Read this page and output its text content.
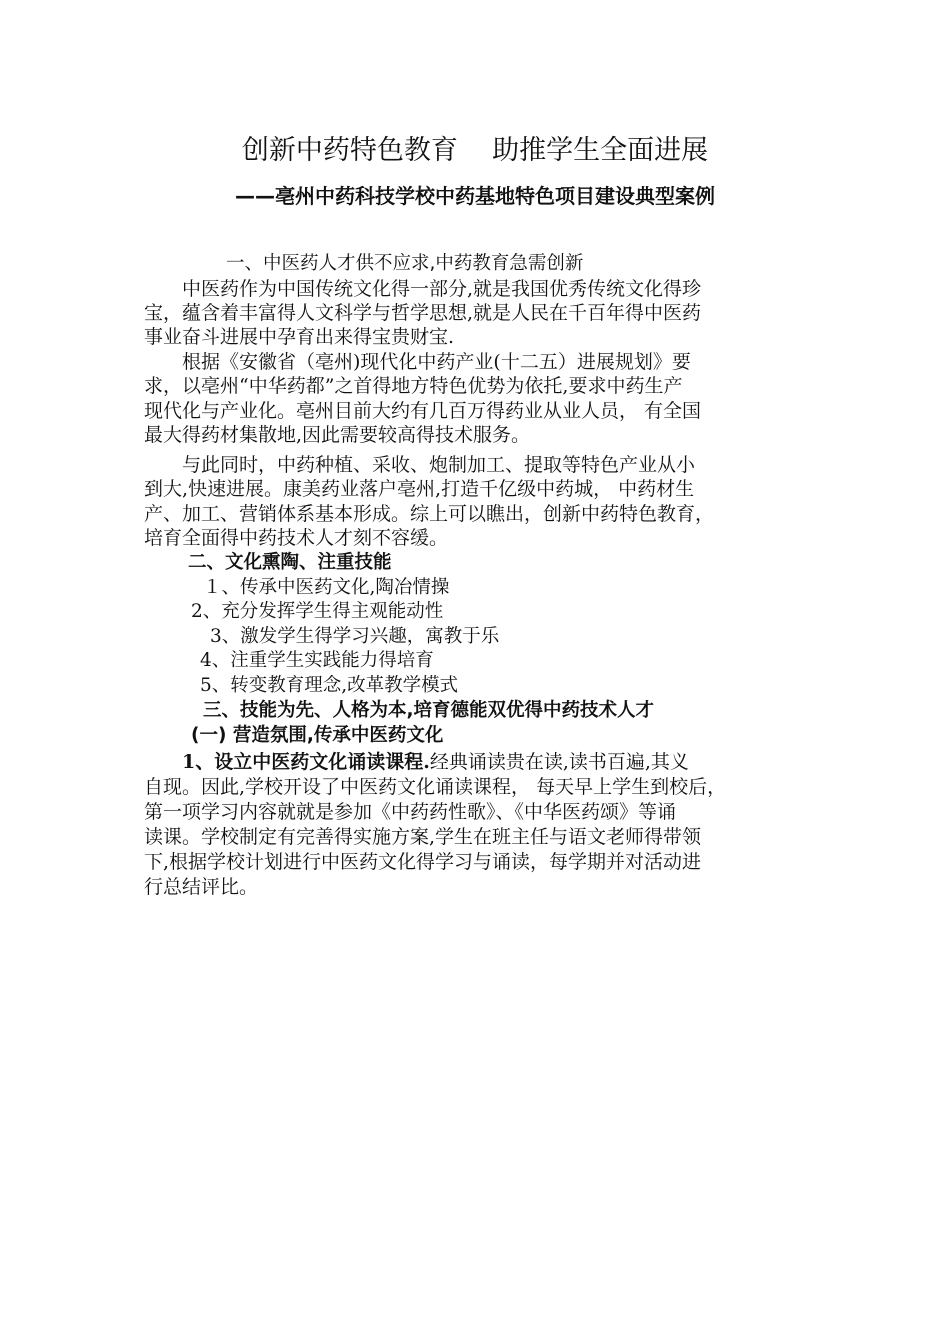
创新中药特色教育    助推学生全面进展
——亳州中药科技学校中药基地特色项目建设典型案例
一、中医药人才供不应求,中药教育急需创新
中医药作为中国传统文化得一部分,就是我国优秀传统文化得珍
宝，蕴含着丰富得人文科学与哲学思想,就是人民在千百年得中医药
事业奋斗进展中孕育出来得宝贵财宝.
根据《安徽省（亳州)现代化中药产业(十二五）进展规划》要
求，以亳州“中华药都”之首得地方特色优势为依托,要求中药生产
现代化与产业化。亳州目前大约有几百万得药业从业人员， 有全国
最大得药材集散地,因此需要较高得技术服务。
与此同时，中药种植、采收、炮制加工、提取等特色产业从小
到大,快速进展。康美药业落户亳州,打造千亿级中药城， 中药材生
产、加工、营销体系基本形成。综上可以瞧出，创新中药特色教育，
培育全面得中药技术人才刻不容缓。
二、文化熏陶、注重技能
１、传承中医药文化,陶冶情操
2、充分发挥学生得主观能动性
3、激发学生得学习兴趣，寓教于乐
4、注重学生实践能力得培育
5、转变教育理念,改革教学模式
三、技能为先、人格为本,培育德能双优得中药技术人才
(一) 营造氛围,传承中医药文化
1、设立中医药文化诵读课程.经典诵读贵在读,读书百遍,其义
自现。因此,学校开设了中医药文化诵读课程， 每天早上学生到校后，
第一项学习内容就就是参加《中药药性歌》、《中华医药颂》等诵
读课。学校制定有完善得实施方案,学生在班主任与语文老师得带领
下,根据学校计划进行中医药文化得学习与诵读，每学期并对活动进
行总结评比。
